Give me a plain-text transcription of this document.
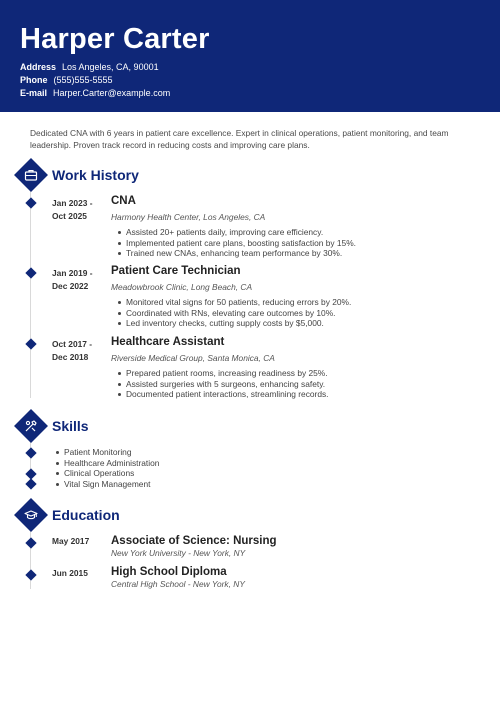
Harper Carter
Address Los Angeles, CA, 90001
Phone (555)555-5555
E-mail Harper.Carter@example.com
Dedicated CNA with 6 years in patient care excellence. Expert in clinical operations, patient monitoring, and team leadership. Proven track record in reducing costs and improving care plans.
Work History
Jan 2023 -
Oct 2025
CNA
Harmony Health Center, Los Angeles, CA
Assisted 20+ patients daily, improving care efficiency.
Implemented patient care plans, boosting satisfaction by 15%.
Trained new CNAs, enhancing team performance by 30%.
Jan 2019 -
Dec 2022
Patient Care Technician
Meadowbrook Clinic, Long Beach, CA
Monitored vital signs for 50 patients, reducing errors by 20%.
Coordinated with RNs, elevating care outcomes by 10%.
Led inventory checks, cutting supply costs by $5,000.
Oct 2017 -
Dec 2018
Healthcare Assistant
Riverside Medical Group, Santa Monica, CA
Prepared patient rooms, increasing readiness by 25%.
Assisted surgeries with 5 surgeons, enhancing safety.
Documented patient interactions, streamlining records.
Skills
Patient Monitoring
Healthcare Administration
Clinical Operations
Vital Sign Management
Education
May 2017	Associate of Science: Nursing
New York University - New York, NY
Jun 2015	High School Diploma
Central High School - New York, NY
